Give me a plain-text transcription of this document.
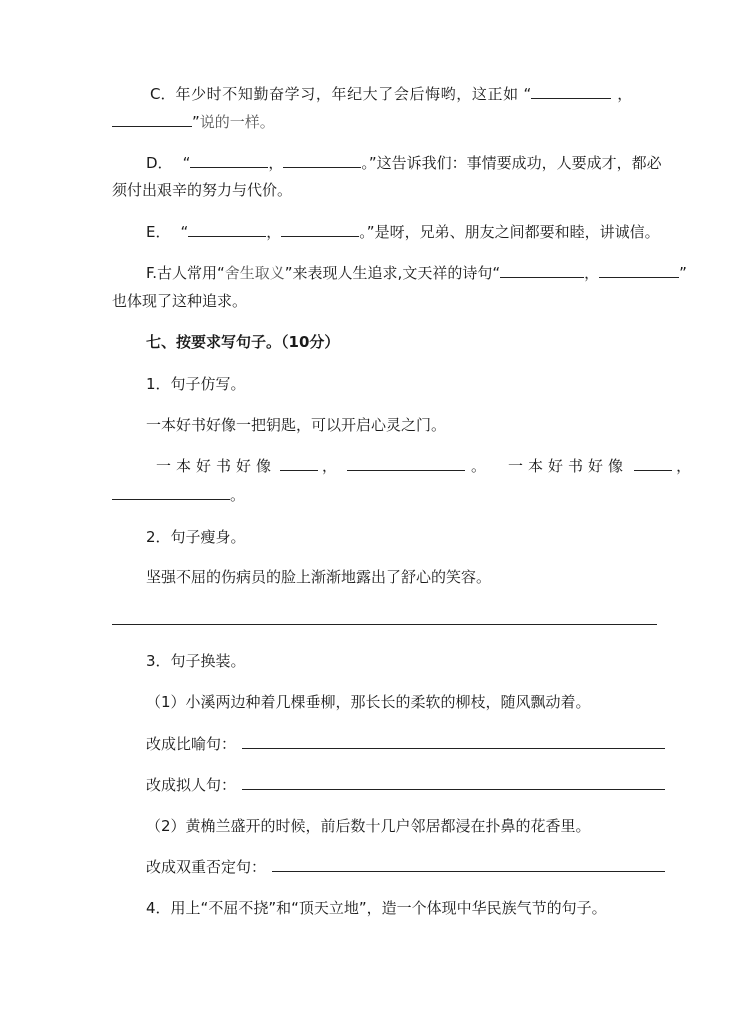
C．年少时不知勤奋学习，年纪大了会后悔哟，这正如 “	，
”说的一样。
D． “	，	。”这告诉我们：事情要成功，人要成才，都必
须付出艰辛的努力与代价。
E． “	，	。”是呀，兄弟、朋友之间都要和睦，讲诚信。
F.古人常用“舍生取义”来表现人生追求,文天祥的诗句“	，	”
也体现了这种追求。
七、按要求写句子。（10分）
1．句子仿写。
一本好书好像一把钥匙，可以开启心灵之门。
一本好书好像	，	。 一本好书好像	，
。
2．句子瘦身。
坚强不屈的伤病员的脸上渐渐地露出了舒心的笑容。
3．句子换装。
（1）小溪两边种着几棵垂柳，那长长的柔软的柳枝，随风飘动着。
改成比喻句：
改成拟人句：
（2）黄桷兰盛开的时候，前后数十几户邻居都浸在扑鼻的花香里。
改成双重否定句：
4．用上“不屈不挠”和“顶天立地”，造一个体现中华民族气节的句子。
